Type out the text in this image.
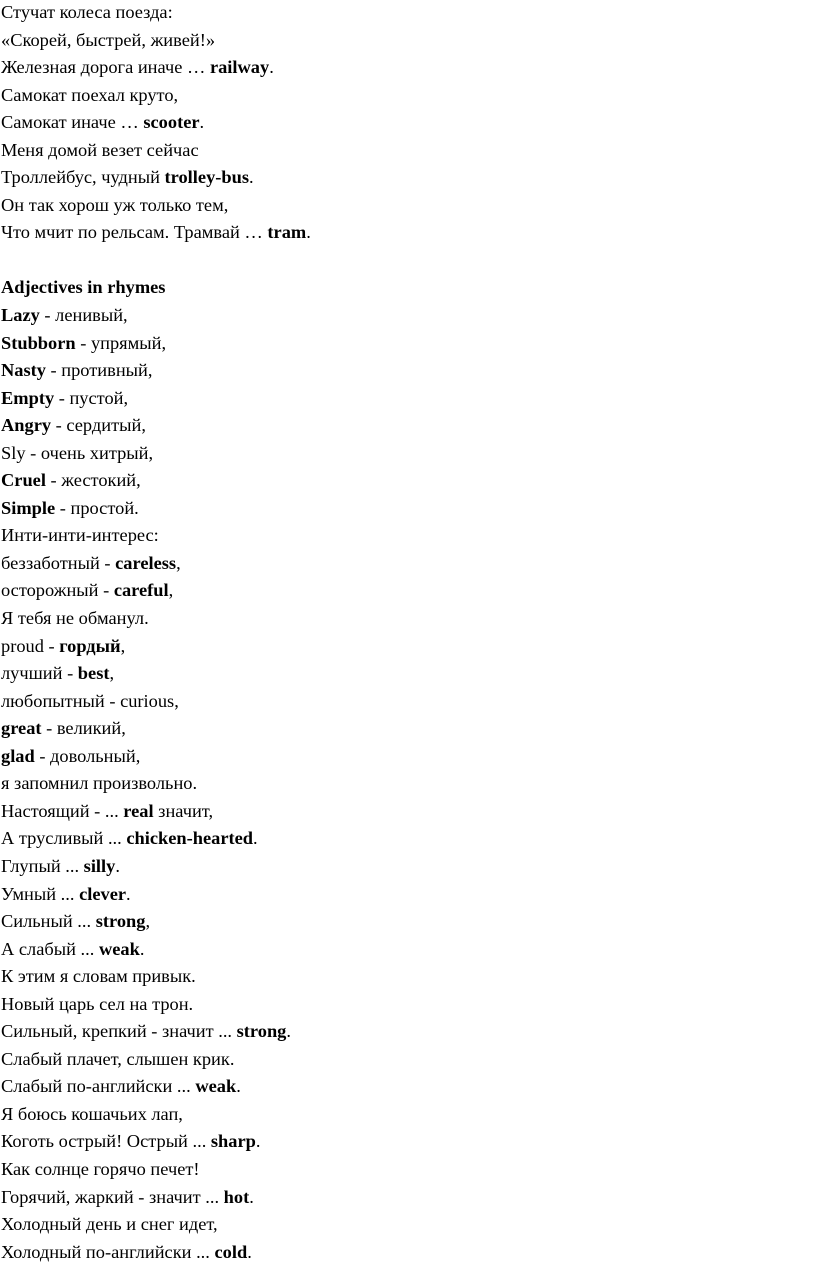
Стучат колеса поезда:
«Скорей, быстрей, живей!»
Железная дорога иначе … railway.
Самокат поехал круто,
Самокат иначе … scooter.
Меня домой везет сейчас
Троллейбус, чудный trolley-bus.
Он так хорош уж только тем,
Что мчит по рельсам. Трамвай … tram.
Adjectives in rhymes
Lazy - ленивый,
Stubborn - упрямый,
Nasty - противный,
Empty - пустой,
Angry - сердитый,
Sly - очень хитрый,
Cruel - жестокий,
Simple - простой.
Инти-инти-интерес:
беззаботный - careless,
осторожный - careful,
Я тебя не обманул.
proud - гордый,
лучший - best,
любопытный - curious,
great - великий,
glad - довольный,
я запомнил произвольно.
Настоящий - ... real значит,
А трусливый ... chicken-hearted.
Глупый ... silly.
Умный ... clever.
Сильный ... strong,
А слабый ... weak.
К этим я словам привык.
Новый царь сел на трон.
Сильный, крепкий - значит ... strong.
Слабый плачет, слышен крик.
Слабый по-английски ... weak.
Я боюсь кошачьих лап,
Коготь острый! Острый ... sharp.
Как солнце горячо печет!
Горячий, жаркий - значит ... hot.
Холодный день и снег идет,
Холодный по-английски ... cold.
